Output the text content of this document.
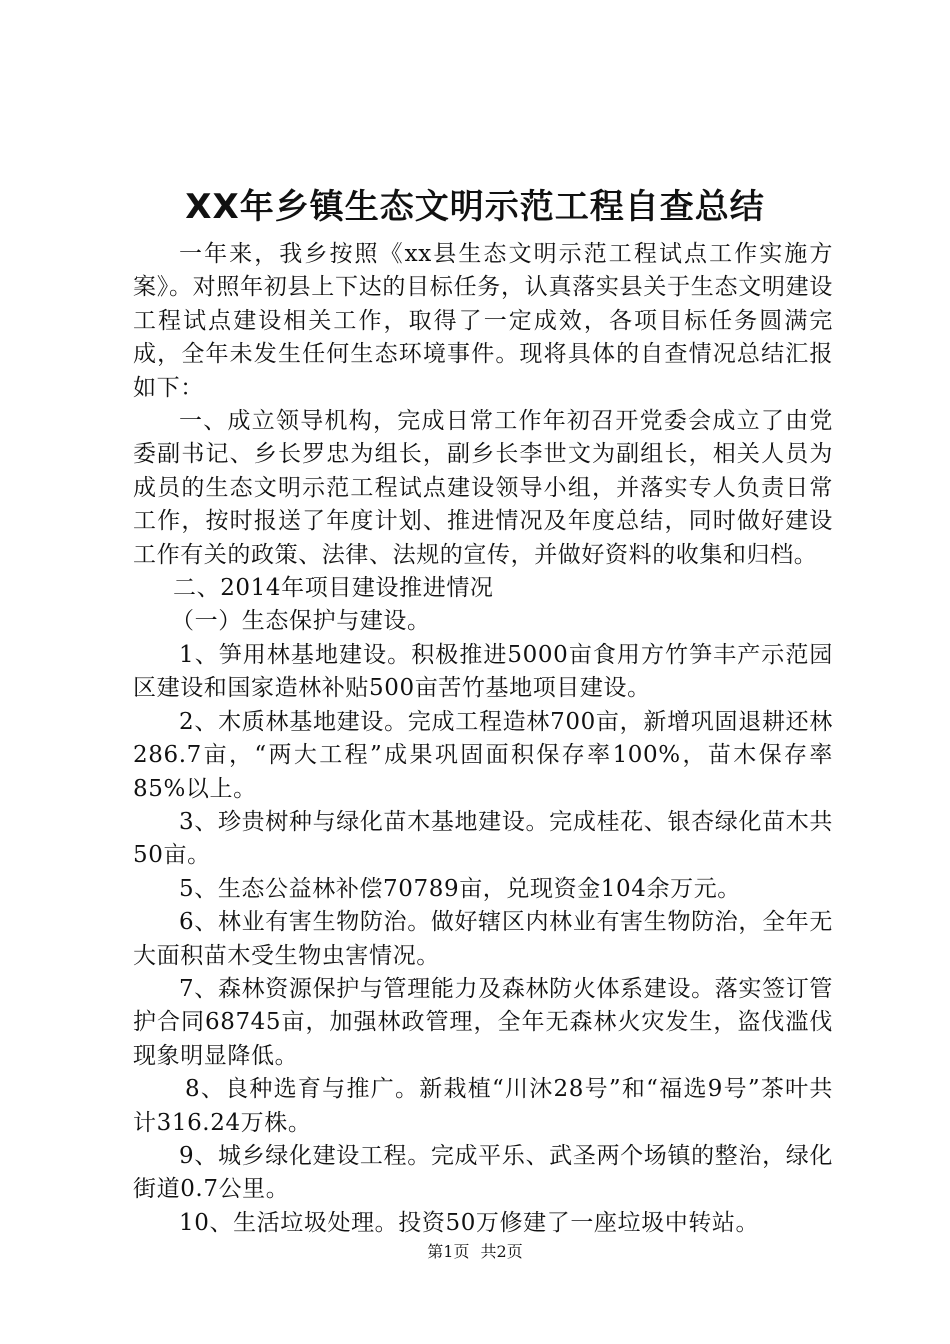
XX年乡镇生态文明示范工程自查总结

一年来，我乡按照《xx县生态文明示范工程试点工作实施方案》。对照年初县上下达的目标任务，认真落实县关于生态文明建设工程试点建设相关工作，取得了一定成效，各项目标任务圆满完成，全年未发生任何生态环境事件。现将具体的自查情况总结汇报如下：

一、成立领导机构，完成日常工作年初召开党委会成立了由党委副书记、乡长罗忠为组长，副乡长李世文为副组长，相关人员为成员的生态文明示范工程试点建设领导小组，并落实专人负责日常工作，按时报送了年度计划、推进情况及年度总结，同时做好建设工作有关的政策、法律、法规的宣传，并做好资料的收集和归档。

二、2014年项目建设推进情况

（一）生态保护与建设。

1、笋用林基地建设。积极推进5000亩食用方竹笋丰产示范园区建设和国家造林补贴500亩苦竹基地项目建设。

2、木质林基地建设。完成工程造林700亩，新增巩固退耕还林286.7亩，“两大工程”成果巩固面积保存率100%，苗木保存率85%以上。

3、珍贵树种与绿化苗木基地建设。完成桂花、银杏绿化苗木共50亩。

5、生态公益林补偿70789亩，兑现资金104余万元。

6、林业有害生物防治。做好辖区内林业有害生物防治，全年无大面积苗木受生物虫害情况。

7、森林资源保护与管理能力及森林防火体系建设。落实签订管护合同68745亩，加强林政管理，全年无森林火灾发生，盗伐滥伐现象明显降低。

8、良种选育与推广。新栽植“川沐28号”和“福选9号”茶叶共计316.24万株。

9、城乡绿化建设工程。完成平乐、武圣两个场镇的整治，绿化街道0.7公里。

10、生活垃圾处理。投资50万修建了一座垃圾中转站。

第1页 共2页
